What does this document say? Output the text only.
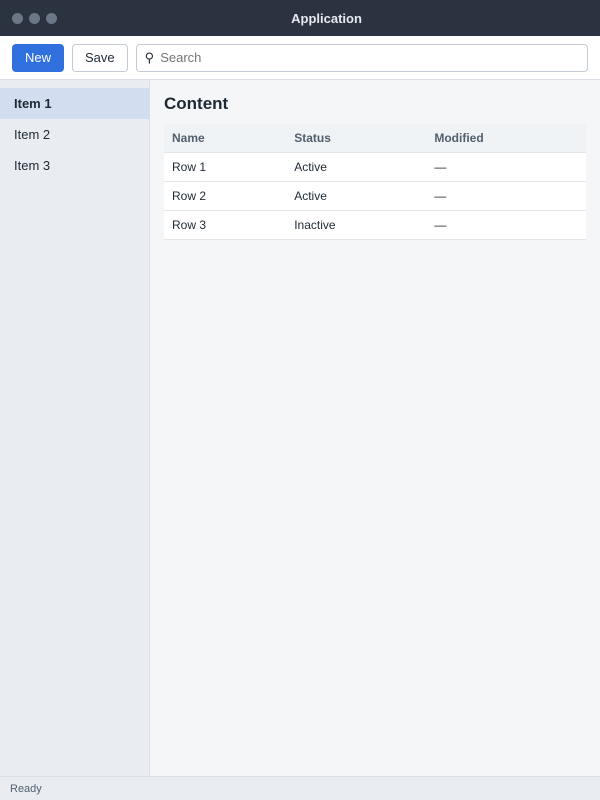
Application
New	Save	⚲
Search
Item 1
Item 2
Item 3
Content
Name	Status	Modified
Row 1	Active	—
Row 2	Active	—
Row 3	Inactive	—
Ready
